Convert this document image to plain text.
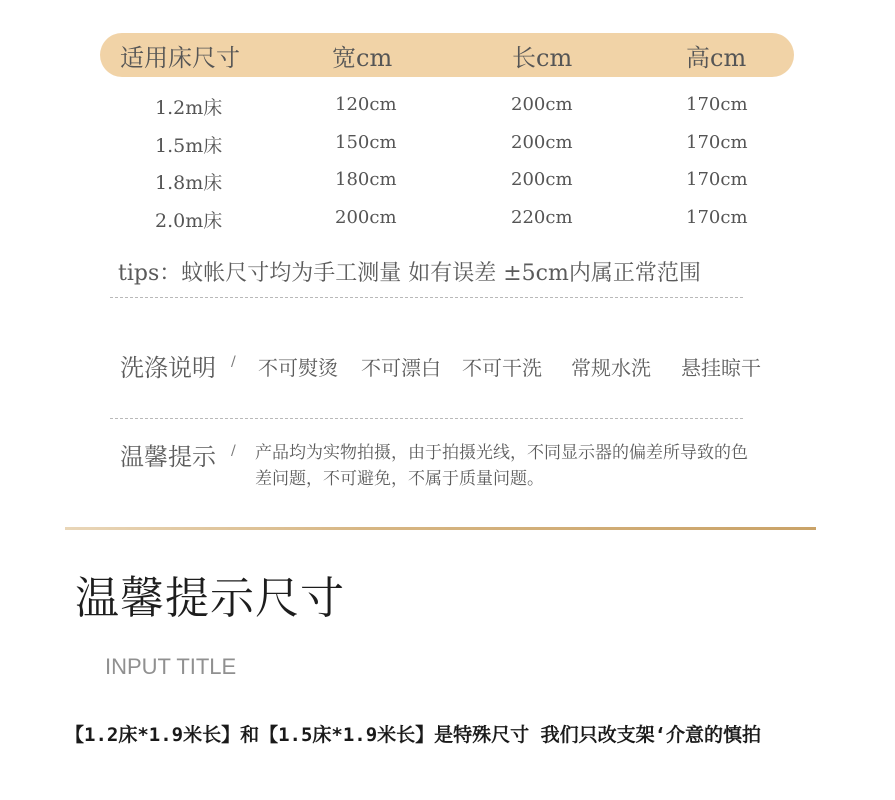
适用床尺寸	宽cm	长cm	高cm
1.2m床	120cm	200cm	170cm
1.5m床	150cm	200cm	170cm
1.8m床	180cm	200cm	170cm
2.0m床	200cm	220cm	170cm
tips：蚊帐尺寸均为手工测量 如有误差 ±5cm内属正常范围
洗涤说明 / 不可熨烫 不可漂白 不可干洗 常规水洗 悬挂晾干
温馨提示 / 产品均为实物拍摄，由于拍摄光线，不同显示器的偏差所导致的色差问题，不可避免，不属于质量问题。
温馨提示尺寸
INPUT TITLE
【1.2床*1.9米长】和【1.5床*1.9米长】是特殊尺寸 我们只改支架‘介意的慎拍
